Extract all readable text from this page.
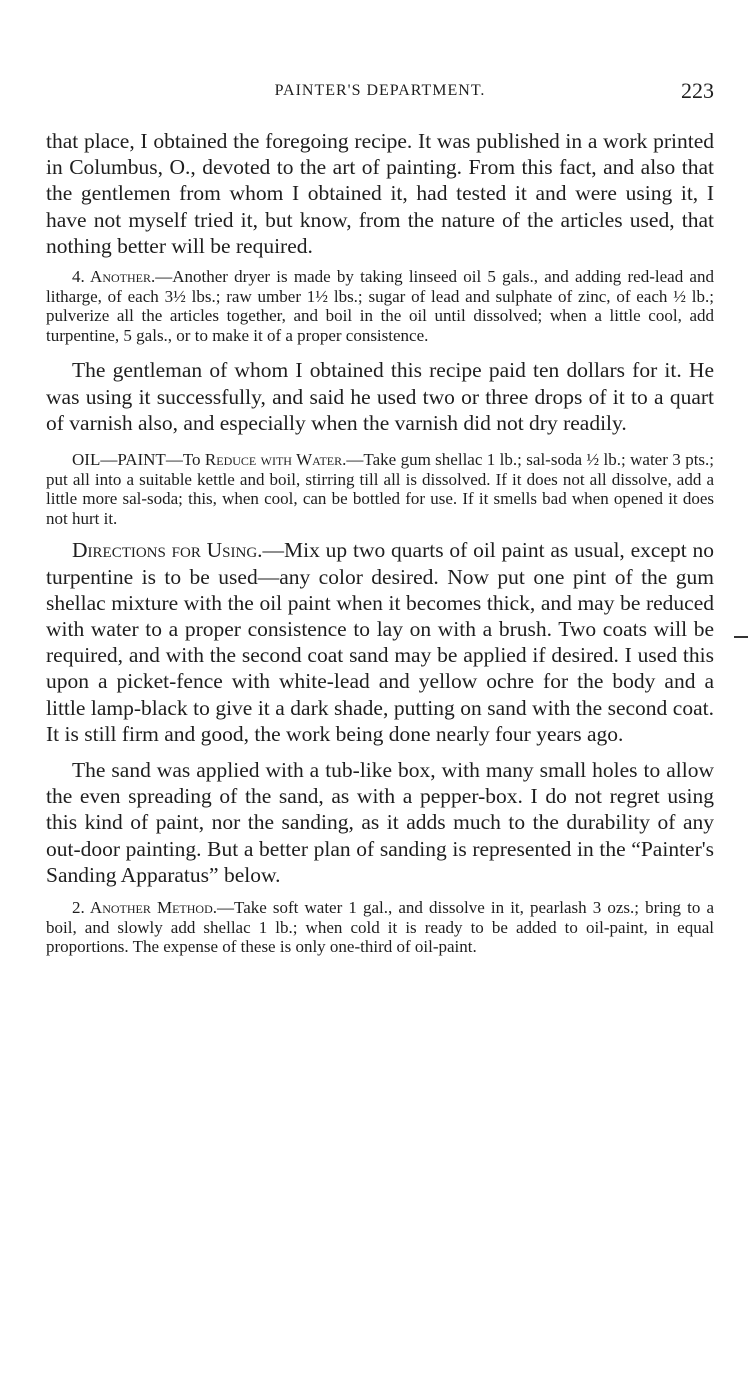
PAINTER'S DEPARTMENT.	223

that place, I obtained the foregoing recipe. It was published in a work printed in Columbus, O., devoted to the art of painting. From this fact, and also that the gentlemen from whom I obtained it, had tested it and were using it, I have not myself tried it, but know, from the nature of the articles used, that nothing better will be required.

4. Another.—Another dryer is made by taking linseed oil 5 gals., and adding red-lead and litharge, of each 3½ lbs.; raw umber 1½ lbs.; sugar of lead and sulphate of zinc, of each ½ lb.; pulverize all the articles together, and boil in the oil until dissolved; when a little cool, add turpentine, 5 gals., or to make it of a proper consistence.

The gentleman of whom I obtained this recipe paid ten dollars for it. He was using it successfully, and said he used two or three drops of it to a quart of varnish also, and especially when the varnish did not dry readily.

OIL—PAINT—To Reduce with Water.—Take gum shellac 1 lb.; sal-soda ½ lb.; water 3 pts.; put all into a suitable kettle and boil, stirring till all is dissolved. If it does not all dissolve, add a little more sal-soda; this, when cool, can be bottled for use. If it smells bad when opened it does not hurt it.

Directions for Using.—Mix up two quarts of oil paint as usual, except no turpentine is to be used—any color desired. Now put one pint of the gum shellac mixture with the oil paint when it becomes thick, and may be reduced with water to a proper consistence to lay on with a brush. Two coats will be required, and with the second coat sand may be applied if desired. I used this upon a picket-fence with white-lead and yellow ochre for the body and a little lamp-black to give it a dark shade, putting on sand with the second coat. It is still firm and good, the work being done nearly four years ago.

The sand was applied with a tub-like box, with many small holes to allow the even spreading of the sand, as with a pepper-box. I do not regret using this kind of paint, nor the sanding, as it adds much to the durability of any out-door painting. But a better plan of sanding is represented in the “Painter's Sanding Apparatus” below.

2. Another Method.—Take soft water 1 gal., and dissolve in it, pearlash 3 ozs.; bring to a boil, and slowly add shellac 1 lb.; when cold it is ready to be added to oil-paint, in equal proportions. The expense of these is only one-third of oil-paint.
